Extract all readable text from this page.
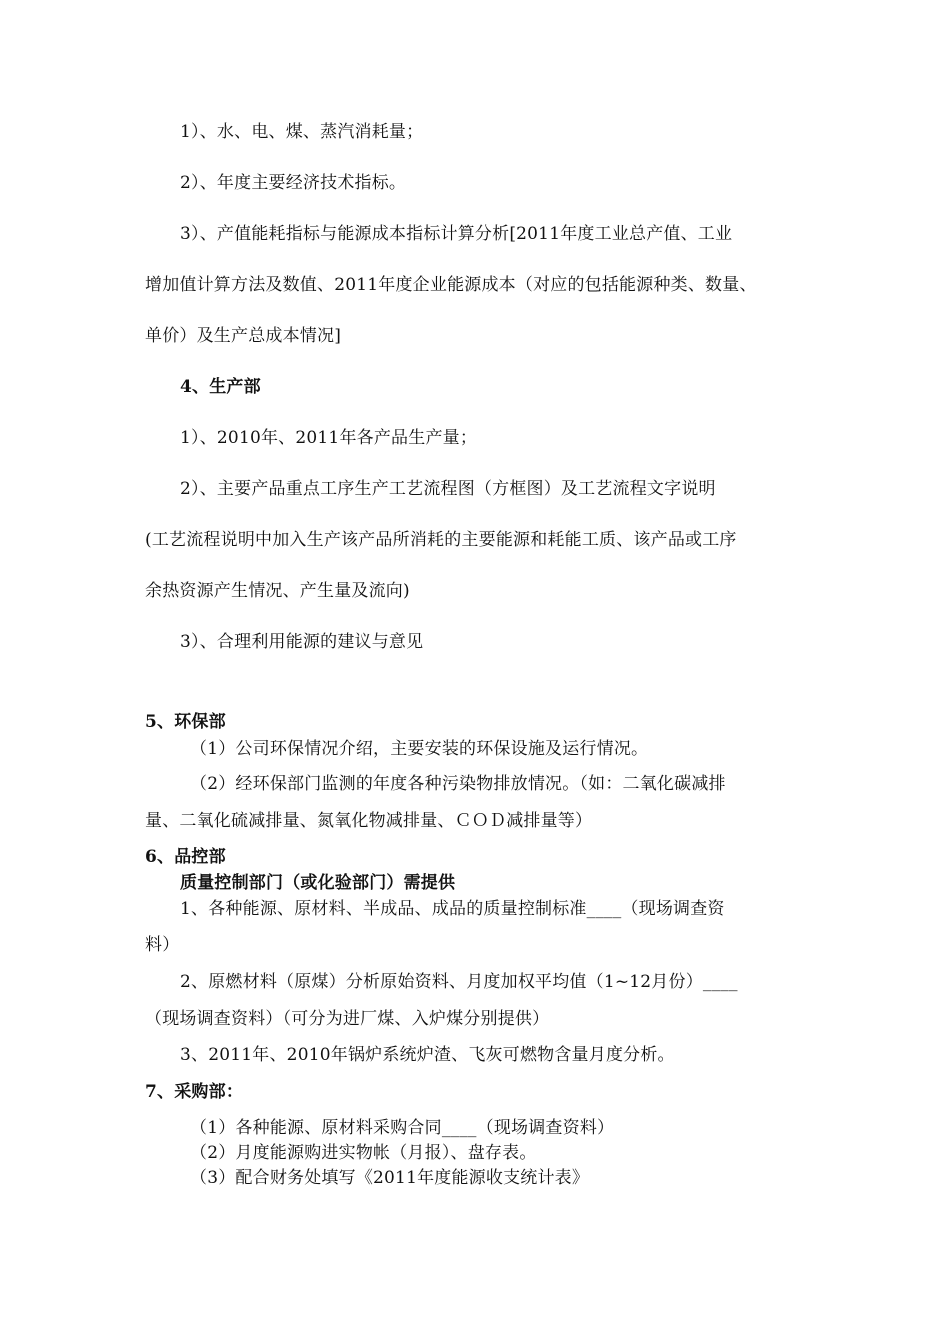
1）、水、电、煤、蒸汽消耗量；
2）、年度主要经济技术指标。
3）、产值能耗指标与能源成本指标计算分析[2011年度工业总产值、工业
增加值计算方法及数值、2011年度企业能源成本（对应的包括能源种类、数量、
单价）及生产总成本情况]
4、生产部
1）、2010年、2011年各产品生产量；
2）、主要产品重点工序生产工艺流程图（方框图）及工艺流程文字说明
(工艺流程说明中加入生产该产品所消耗的主要能源和耗能工质、该产品或工序
余热资源产生情况、产生量及流向)
3）、合理利用能源的建议与意见
5、环保部
（1）公司环保情况介绍，主要安装的环保设施及运行情况。
（2）经环保部门监测的年度各种污染物排放情况。（如：二氧化碳减排
量、二氧化硫减排量、氮氧化物减排量、ＣＯＤ减排量等）
6、品控部
质量控制部门（或化验部门）需提供
1、各种能源、原材料、半成品、成品的质量控制标准____（现场调查资
料）
2、原燃材料（原煤）分析原始资料、月度加权平均值（1~12月份）____
（现场调查资料）（可分为进厂煤、入炉煤分别提供）
3、2011年、2010年锅炉系统炉渣、飞灰可燃物含量月度分析。
7、采购部：
（1）各种能源、原材料采购合同____（现场调查资料）
（2）月度能源购进实物帐（月报）、盘存表。
（3）配合财务处填写《2011年度能源收支统计表》
